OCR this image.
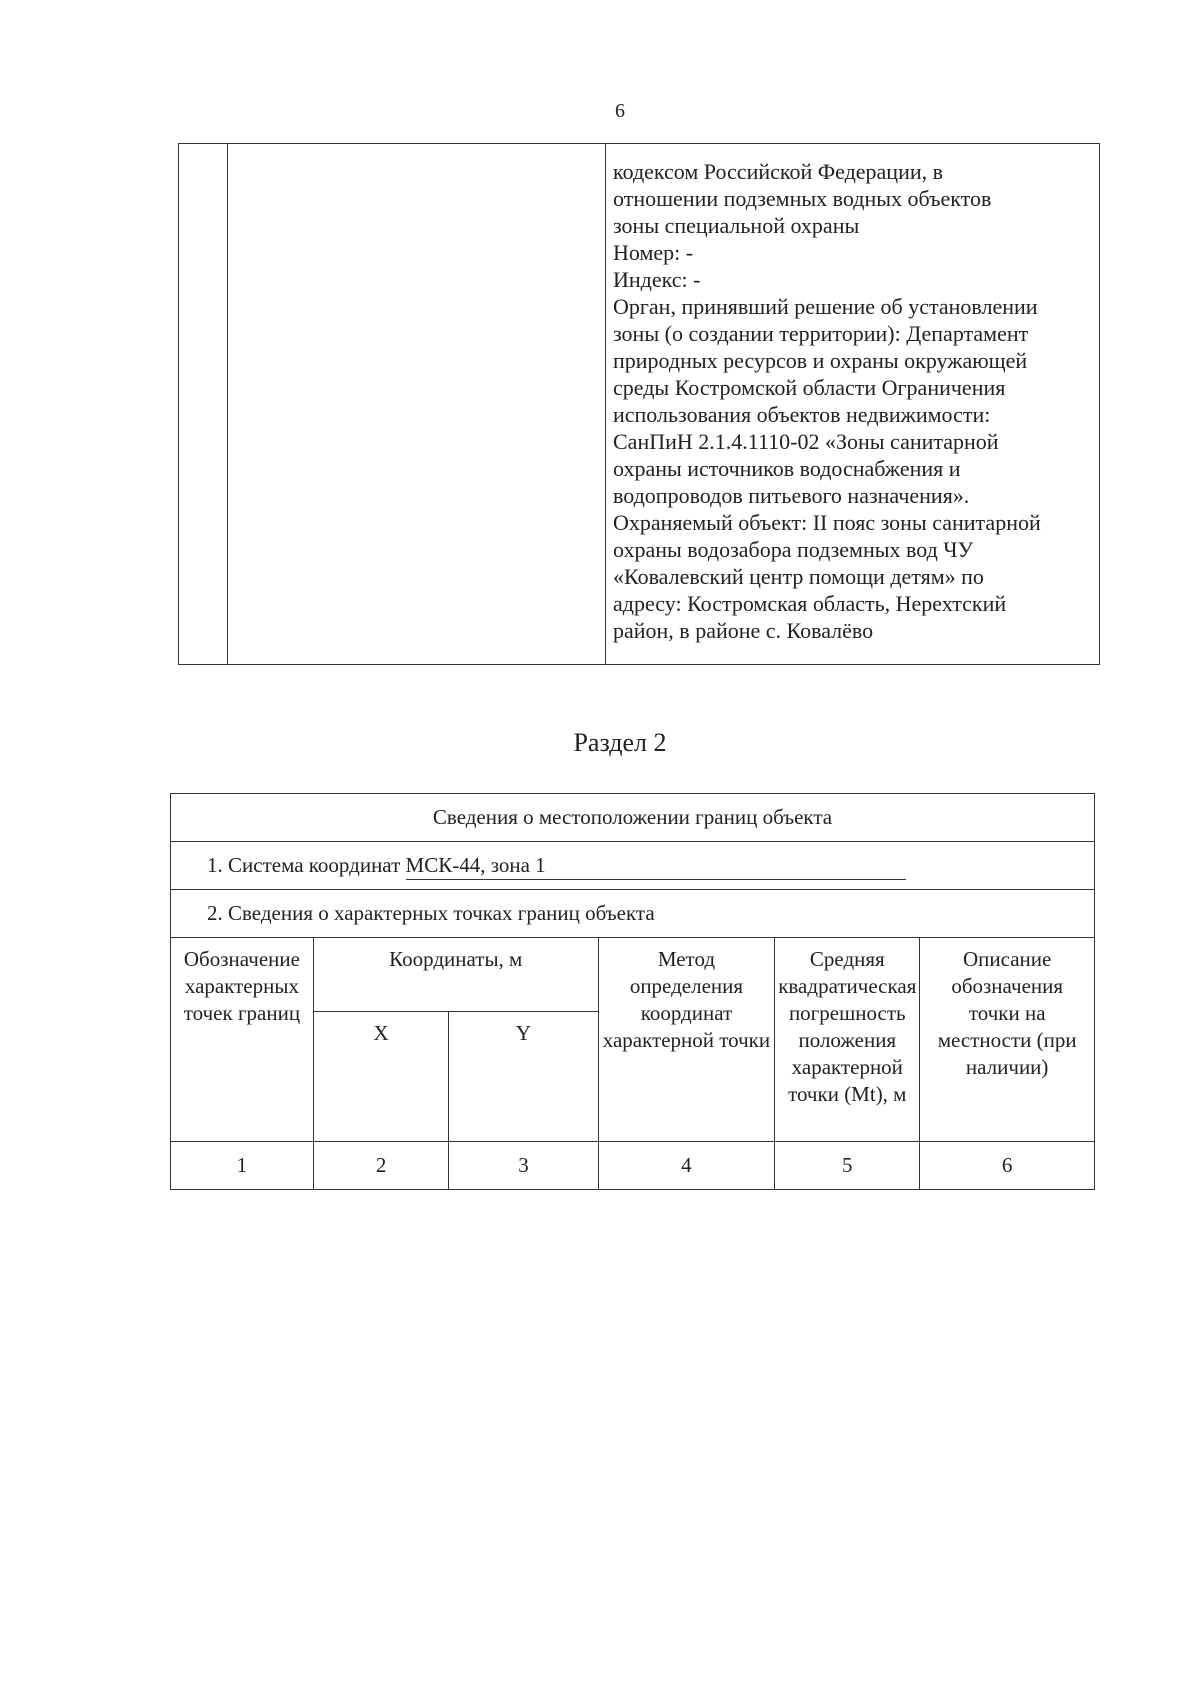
6

кодексом Российской Федерации, в
отношении подземных водных объектов
зоны специальной охраны
Номер: -
Индекс: -
Орган, принявший решение об установлении
зоны (о создании территории): Департамент
природных ресурсов и охраны окружающей
среды Костромской области Ограничения
использования объектов недвижимости:
СанПиН 2.1.4.1110-02 «Зоны санитарной
охраны источников водоснабжения и
водопроводов питьевого назначения».
Охраняемый объект: II пояс зоны санитарной
охраны водозабора подземных вод ЧУ
«Ковалевский центр помощи детям» по
адресу: Костромская область, Нерехтский
район, в районе с. Ковалёво
Раздел 2
Сведения о местоположении границ объекта					
1. Система координат МСК-44, зона 1					
2. Сведения о характерных точках границ объекта					
Обозначение характерных точек границ	Координаты, м		Метод определения координат характерной точки	Средняя квадратическая погрешность положения характерной точки (Mt), м	Описание обозначения точки на местности (при наличии)
	X	Y			
1	2	3	4	5	6
